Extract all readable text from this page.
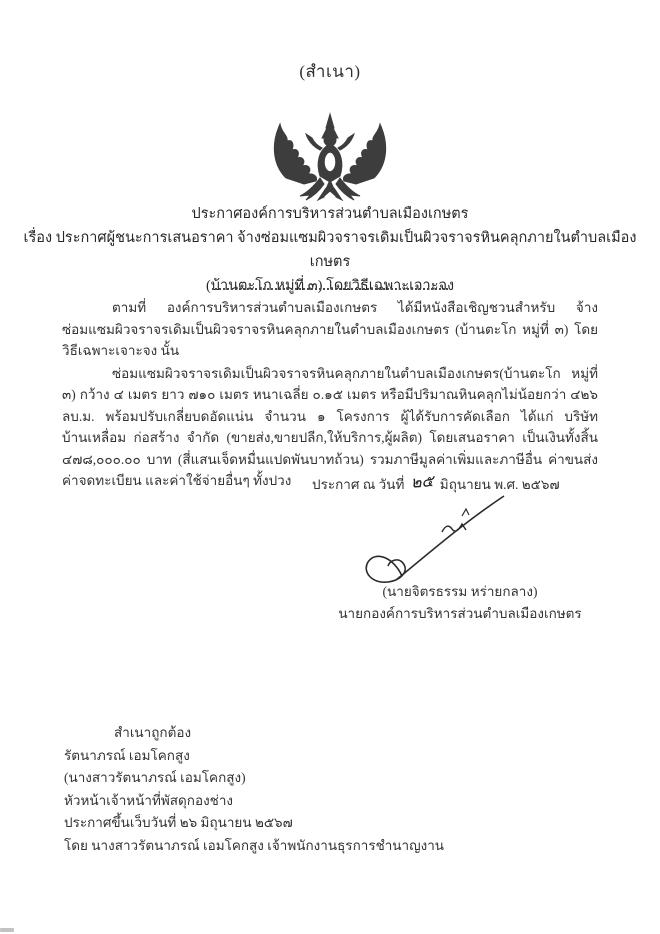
(สำเนา)
ประกาศองค์การบริหารส่วนตำบลเมืองเกษตร
เรื่อง ประกาศผู้ชนะการเสนอราคา จ้างซ่อมแซมผิวจราจรเดิมเป็นผิวจราจรหินคลุกภายในตำบลเมืองเกษตร
(บ้านตะโก หมู่ที่ ๓) โดยวิธีเฉพาะเจาะจง

ตามที่ องค์การบริหารส่วนตำบลเมืองเกษตร ได้มีหนังสือเชิญชวนสำหรับ จ้างซ่อมแซมผิวจราจรเดิมเป็นผิวจราจรหินคลุกภายในตำบลเมืองเกษตร (บ้านตะโก หมู่ที่ ๓) โดยวิธีเฉพาะเจาะจง นั้น

ซ่อมแซมผิวจราจรเดิมเป็นผิวจราจรหินคลุกภายในตำบลเมืองเกษตร(บ้านตะโก หมู่ที่ ๓) กว้าง ๔ เมตร ยาว ๗๑๐ เมตร หนาเฉลี่ย ๐.๑๕ เมตร หรือมีปริมาณหินคลุกไม่น้อยกว่า ๔๒๖ ลบ.ม. พร้อมปรับเกลี่ยบดอัดแน่น จำนวน ๑ โครงการ ผู้ได้รับการคัดเลือก ได้แก่ บริษัท บ้านเหลื่อม ก่อสร้าง จำกัด (ขายส่ง,ขายปลีก,ให้บริการ,ผู้ผลิต) โดยเสนอราคา เป็นเงินทั้งสิ้น ๔๗๘,๐๐๐.๐๐ บาท (สี่แสนเจ็ดหมื่นแปดพันบาทถ้วน) รวมภาษีมูลค่าเพิ่มและภาษีอื่น ค่าขนส่ง ค่าจดทะเบียน และค่าใช้จ่ายอื่นๆ ทั้งปวง	ประกาศ ณ วันที่ ๒๕ มิถุนายน พ.ศ. ๒๕๖๗
(นายจิตรธรรม หร่ายกลาง)
นายกองค์การบริหารส่วนตำบลเมืองเกษตร
สำเนาถูกต้อง
รัตนาภรณ์ เอมโคกสูง
(นางสาวรัตนาภรณ์ เอมโคกสูง)
หัวหน้าเจ้าหน้าที่พัสดุกองช่าง
ประกาศขึ้นเว็บวันที่ ๒๖ มิถุนายน ๒๕๖๗
โดย นางสาวรัตนาภรณ์ เอมโคกสูง เจ้าพนักงานธุรการชำนาญงาน
